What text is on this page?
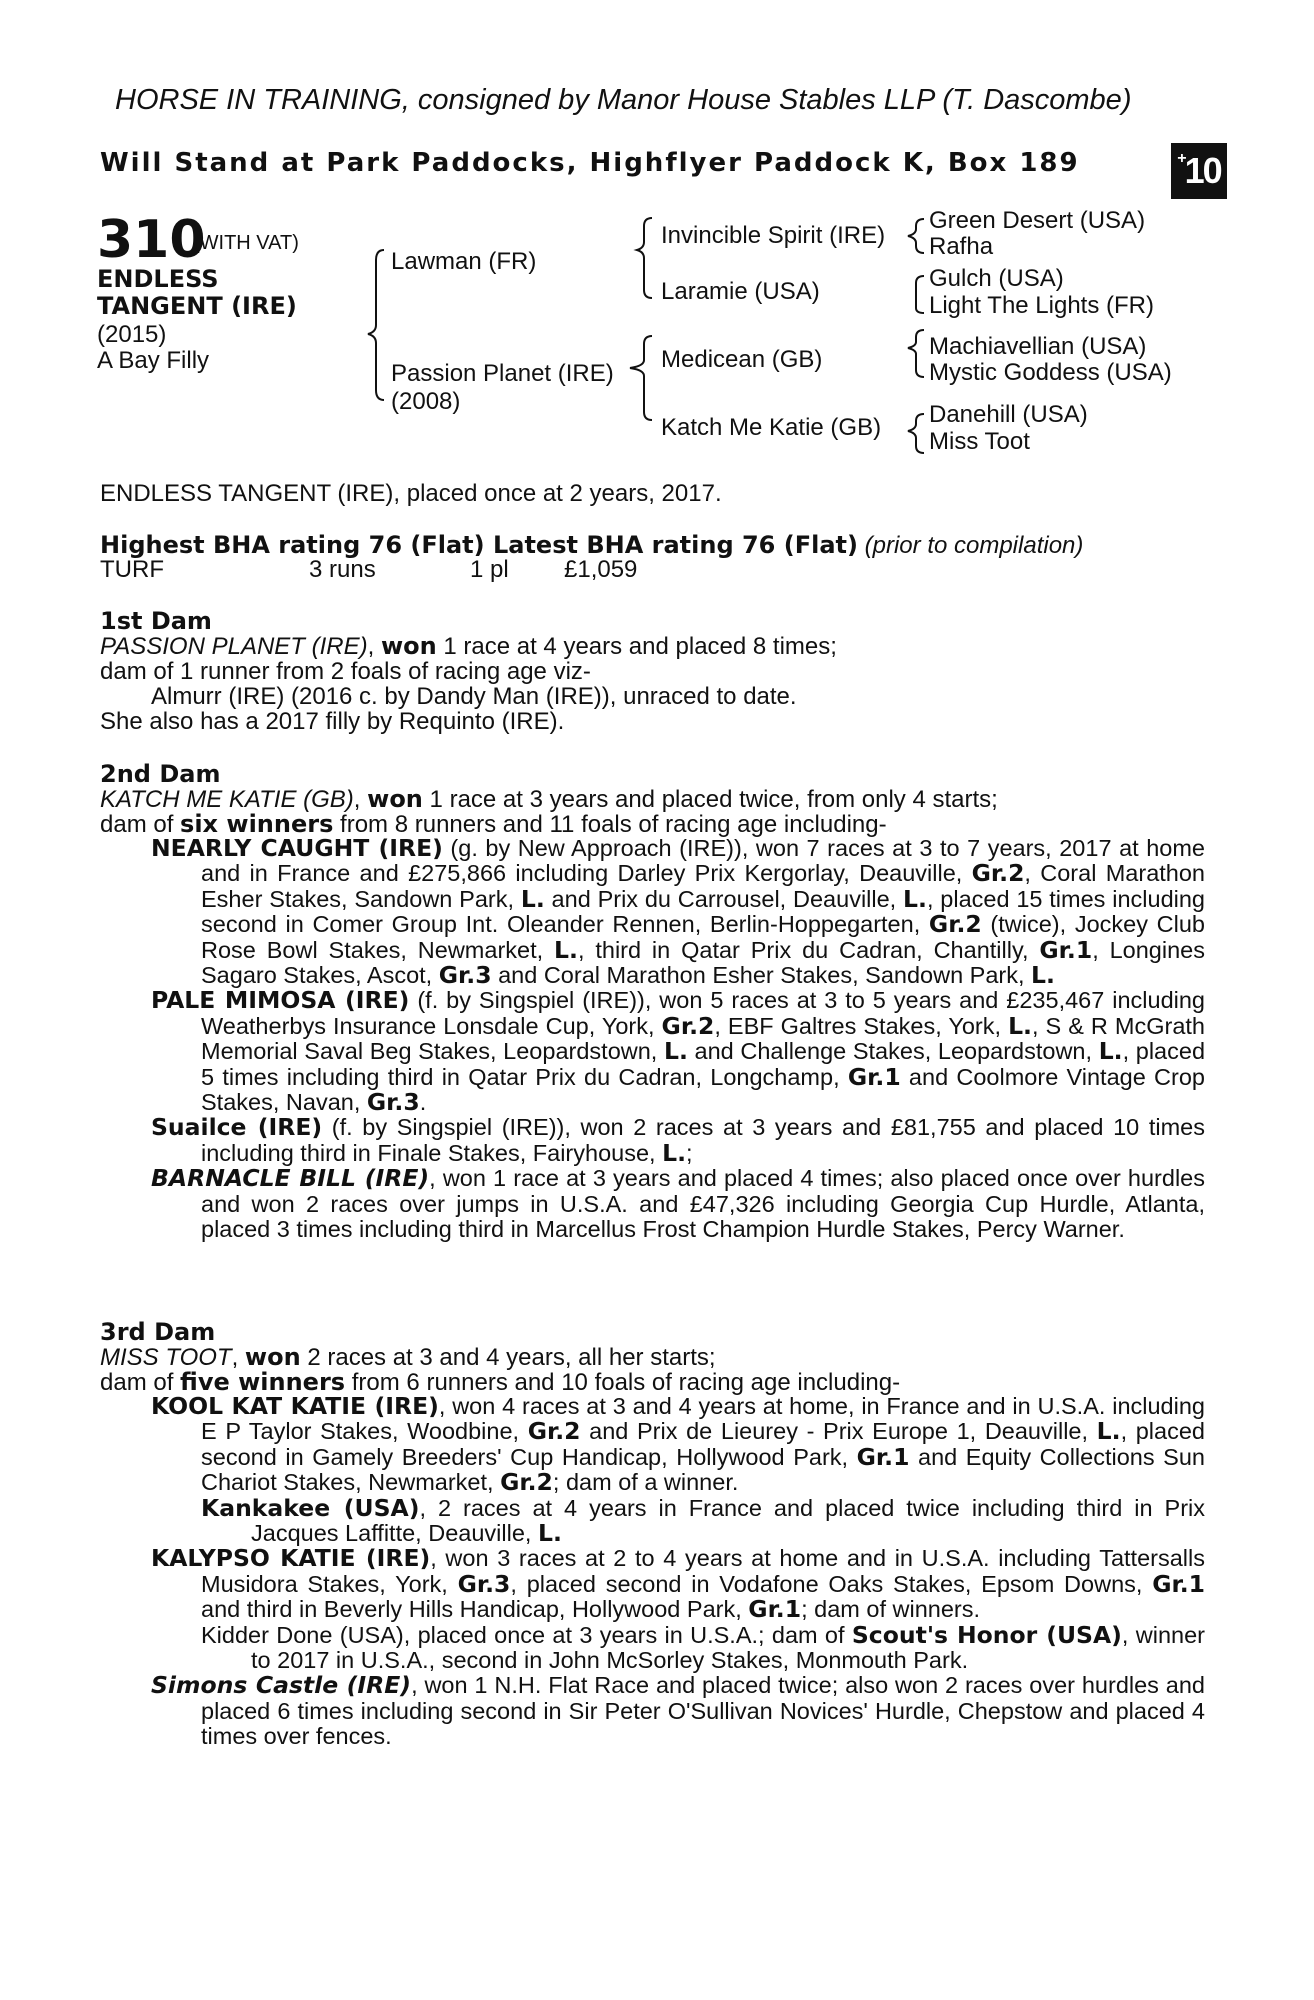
HORSE IN TRAINING, consigned by Manor House Stables LLP (T. Dascombe)
Will Stand at Park Paddocks, Highflyer Paddock K, Box 189	+ 10
310
(WITH VAT)
ENDLESS
TANGENT (IRE)
(2015)
A Bay Filly
Lawman (FR)
Passion Planet (IRE)
(2008)
Invincible Spirit (IRE)
Laramie (USA)
Medicean (GB)
Katch Me Katie (GB)
Green Desert (USA)
Rafha
Gulch (USA)
Light The Lights (FR)
Machiavellian (USA)
Mystic Goddess (USA)
Danehill (USA)
Miss Toot
ENDLESS TANGENT (IRE), placed once at 2 years, 2017.
Highest BHA rating 76 (Flat) Latest BHA rating 76 (Flat) (prior to compilation)
TURF	3 runs	1 pl £1,059
1st Dam
PASSION PLANET (IRE), won 1 race at 4 years and placed 8 times;
dam of 1 runner from 2 foals of racing age viz-
Almurr (IRE) (2016 c. by Dandy Man (IRE)), unraced to date.
She also has a 2017 filly by Requinto (IRE).
2nd Dam
KATCH ME KATIE (GB), won 1 race at 3 years and placed twice, from only 4 starts;
dam of six winners from 8 runners and 11 foals of racing age including-
NEARLY CAUGHT (IRE) (g. by New Approach (IRE)), won 7 races at 3 to 7 years, 2017 at home and in France and £275,866 including Darley Prix Kergorlay, Deauville, Gr.2, Coral Marathon Esher Stakes, Sandown Park, L. and Prix du Carrousel, Deauville, L., placed 15 times including second in Comer Group Int. Oleander Rennen, Berlin-Hoppegarten, Gr.2 (twice), Jockey Club Rose Bowl Stakes, Newmarket, L., third in Qatar Prix du Cadran, Chantilly, Gr.1, Longines Sagaro Stakes, Ascot, Gr.3 and Coral Marathon Esher Stakes, Sandown Park, L.
PALE MIMOSA (IRE) (f. by Singspiel (IRE)), won 5 races at 3 to 5 years and £235,467 including Weatherbys Insurance Lonsdale Cup, York, Gr.2, EBF Galtres Stakes, York, L., S & R McGrath Memorial Saval Beg Stakes, Leopardstown, L. and Challenge Stakes, Leopardstown, L., placed 5 times including third in Qatar Prix du Cadran, Longchamp, Gr.1 and Coolmore Vintage Crop Stakes, Navan, Gr.3.
Suailce (IRE) (f. by Singspiel (IRE)), won 2 races at 3 years and £81,755 and placed 10 times including third in Finale Stakes, Fairyhouse, L.;
BARNACLE BILL (IRE), won 1 race at 3 years and placed 4 times; also placed once over hurdles and won 2 races over jumps in U.S.A. and £47,326 including Georgia Cup Hurdle, Atlanta, placed 3 times including third in Marcellus Frost Champion Hurdle Stakes, Percy Warner.
3rd Dam
MISS TOOT, won 2 races at 3 and 4 years, all her starts;
dam of five winners from 6 runners and 10 foals of racing age including-
KOOL KAT KATIE (IRE), won 4 races at 3 and 4 years at home, in France and in U.S.A. including E P Taylor Stakes, Woodbine, Gr.2 and Prix de Lieurey - Prix Europe 1, Deauville, L., placed second in Gamely Breeders' Cup Handicap, Hollywood Park, Gr.1 and Equity Collections Sun Chariot Stakes, Newmarket, Gr.2; dam of a winner.
Kankakee (USA), 2 races at 4 years in France and placed twice including third in Prix Jacques Laffitte, Deauville, L.
KALYPSO KATIE (IRE), won 3 races at 2 to 4 years at home and in U.S.A. including Tattersalls Musidora Stakes, York, Gr.3, placed second in Vodafone Oaks Stakes, Epsom Downs, Gr.1 and third in Beverly Hills Handicap, Hollywood Park, Gr.1; dam of winners.
Kidder Done (USA), placed once at 3 years in U.S.A.; dam of Scout's Honor (USA), winner to 2017 in U.S.A., second in John McSorley Stakes, Monmouth Park.
Simons Castle (IRE), won 1 N.H. Flat Race and placed twice; also won 2 races over hurdles and placed 6 times including second in Sir Peter O'Sullivan Novices' Hurdle, Chepstow and placed 4 times over fences.
